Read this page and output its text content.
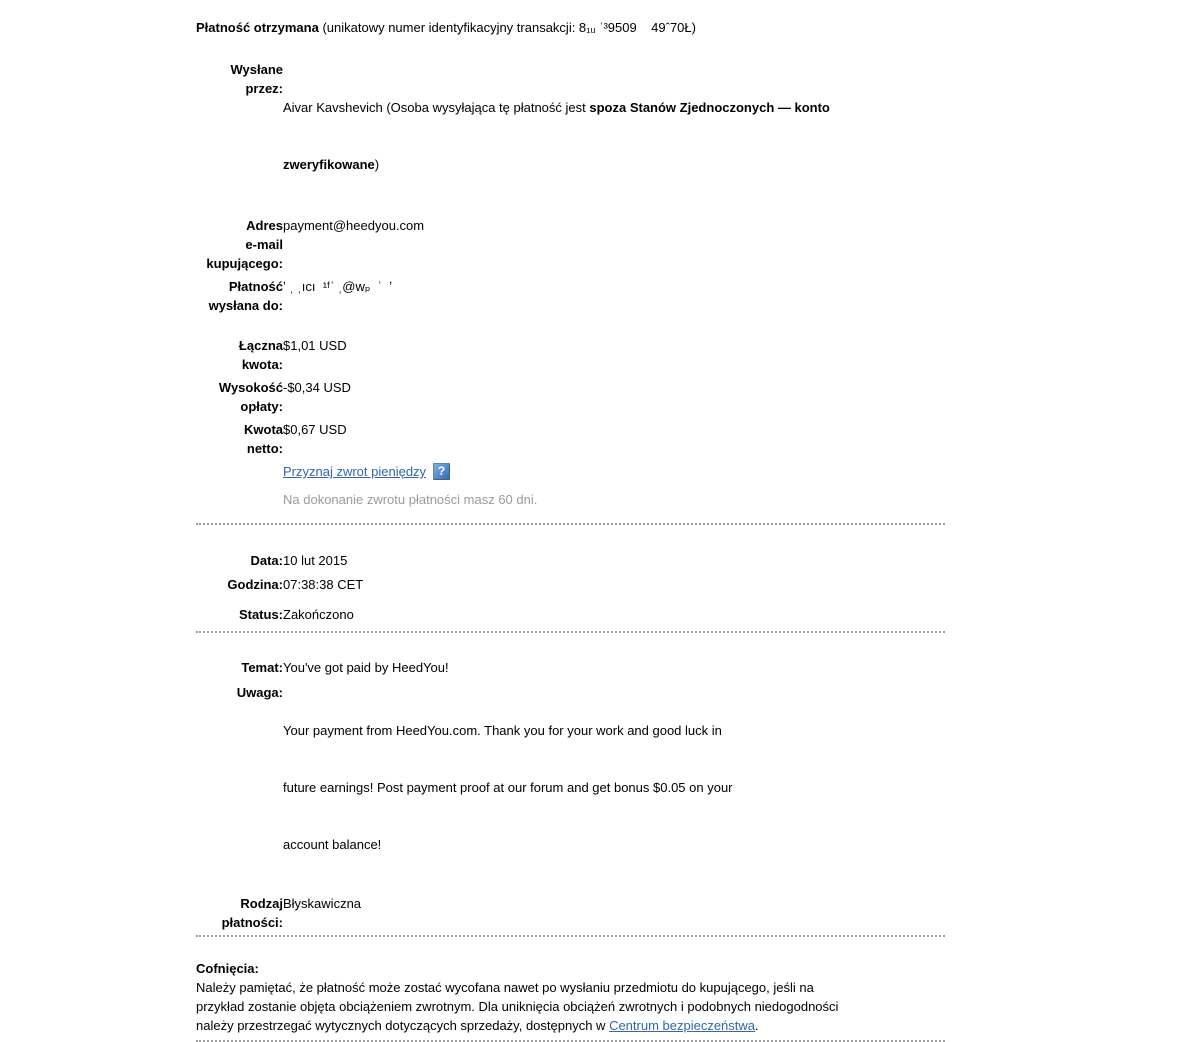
Płatność otrzymana (unikatowy numer identyfikacyjny transakcji: 8₁ᵤ ˈ³9509    49ˆ70Ł)
Wysłane
przez:

Aivar Kavshevich (Osoba wysyłająca tę płatność jest spoza Stanów Zjednoczonych — konto

zweryfikowane)

Adres
e-mail
kupującego:
payment@heedyou.com
Płatność
wysłana do:
ʼ ˌ ˌıcı  ¹ᶠˈ ˌ@wₚ  ˈ  ʼ
Łączna
kwota:
$1,01 USD
Wysokość
opłaty:
-$0,34 USD
Kwota
netto:
$0,67 USD
Przyznaj zwrot pieniędzy ?
Na dokonanie zwrotu płatności masz 60 dni.
Data: 10 lut 2015
Godzina: 07:38:38 CET
Status: Zakończono
Temat: You've got paid by HeedYou!
Uwaga:

Your payment from HeedYou.com. Thank you for your work and good luck in

future earnings! Post payment proof at our forum and get bonus $0.05 on your

account balance!

Rodzaj
płatności:
Błyskawiczna
Cofnięcia:
Należy pamiętać, że płatność może zostać wycofana nawet po wysłaniu przedmiotu do kupującego, jeśli na
przykład zostanie objęta obciążeniem zwrotnym. Dla uniknięcia obciążeń zwrotnych i podobnych niedogodności
należy przestrzegać wytycznych dotyczących sprzedaży, dostępnych w Centrum bezpieczeństwa.
